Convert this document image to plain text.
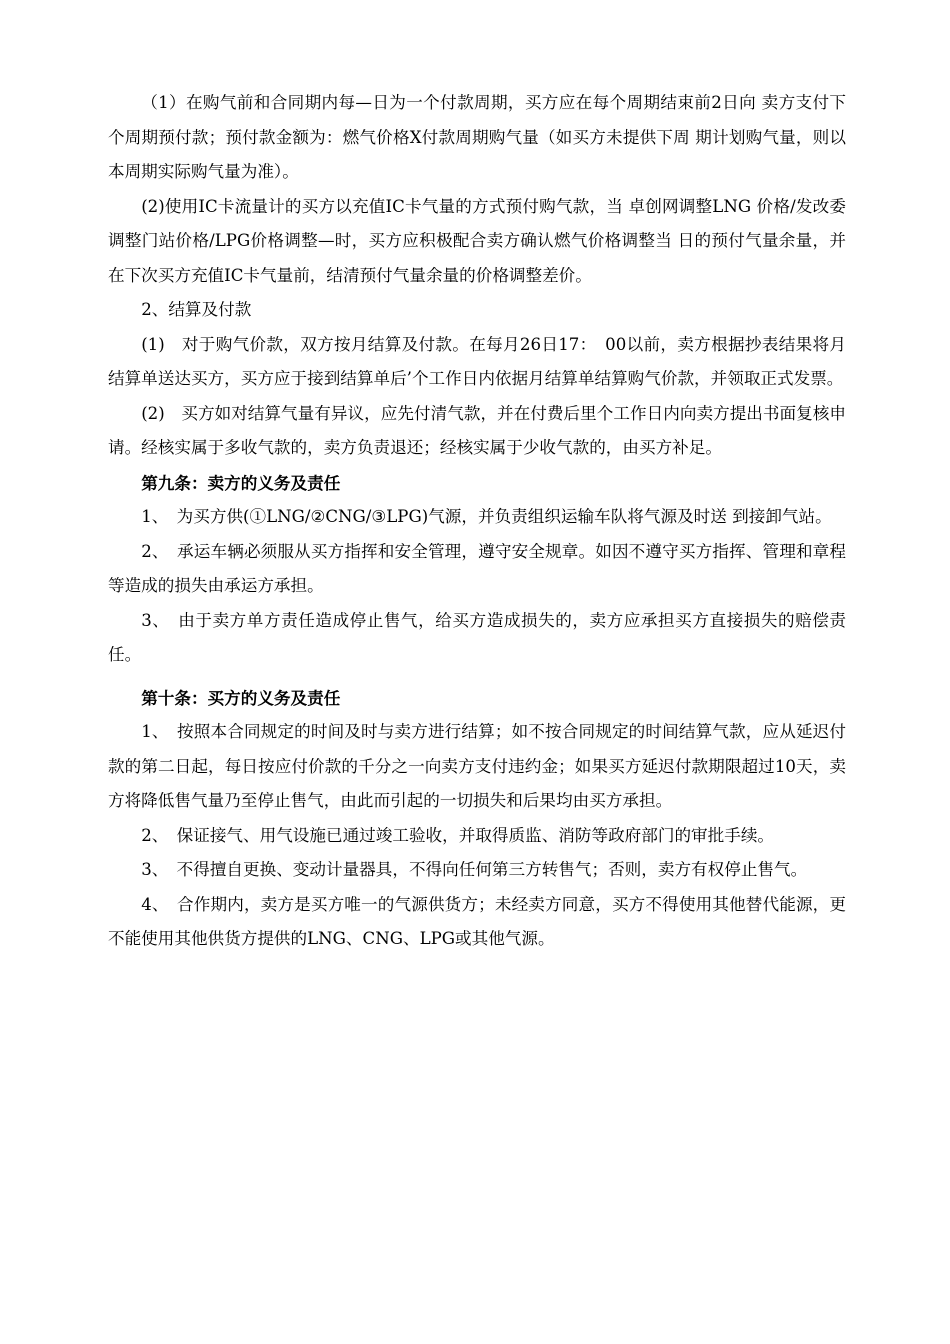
（1）在购气前和合同期内每—日为一个付款周期，买方应在每个周期结束前2日向 卖方支付下个周期预付款；预付款金额为：燃气价格X付款周期购气量（如买方未提供下周 期计划购气量，则以本周期实际购气量为准）。

(2)使用IC卡流量计的买方以充值IC卡气量的方式预付购气款，当 卓创网调整LNG 价格/发改委调整门站价格/LPG价格调整—时，买方应积极配合卖方确认燃气价格调整当 日的预付气量余量，并在下次买方充值IC卡气量前，结清预付气量余量的价格调整差价。

2、结算及付款

(1)　对于购气价款，双方按月结算及付款。在每月26日17：　00以前，卖方根据抄表结果将月结算单送达买方，买方应于接到结算单后’个工作日内依据月结算单结算购气价款，并领取正式发票。

(2)　买方如对结算气量有异议，应先付清气款，并在付费后里个工作日内向卖方提出书面复核申请。经核实属于多收气款的，卖方负责退还；经核实属于少收气款的，由买方补足。

第九条：卖方的义务及责任

1、　为买方供(①LNG/②CNG/③LPG)气源，并负责组织运输车队将气源及时送 到接卸气站。

2、　承运车辆必须服从买方指挥和安全管理，遵守安全规章。如因不遵守买方指挥、管理和章程等造成的损失由承运方承担。

3、　由于卖方单方责任造成停止售气，给买方造成损失的，卖方应承担买方直接损失的赔偿责任。

第十条：买方的义务及责任

1、　按照本合同规定的时间及时与卖方进行结算；如不按合同规定的时间结算气款，应从延迟付款的第二日起，每日按应付价款的千分之一向卖方支付违约金；如果买方延迟付款期限超过10天，卖方将降低售气量乃至停止售气，由此而引起的一切损失和后果均由买方承担。

2、　保证接气、用气设施已通过竣工验收，并取得质监、消防等政府部门的审批手续。

3、　不得擅自更换、变动计量器具，不得向任何第三方转售气；否则，卖方有权停止售气。

4、　合作期内，卖方是买方唯一的气源供货方；未经卖方同意，买方不得使用其他替代能源，更不能使用其他供货方提供的LNG、CNG、LPG或其他气源。
